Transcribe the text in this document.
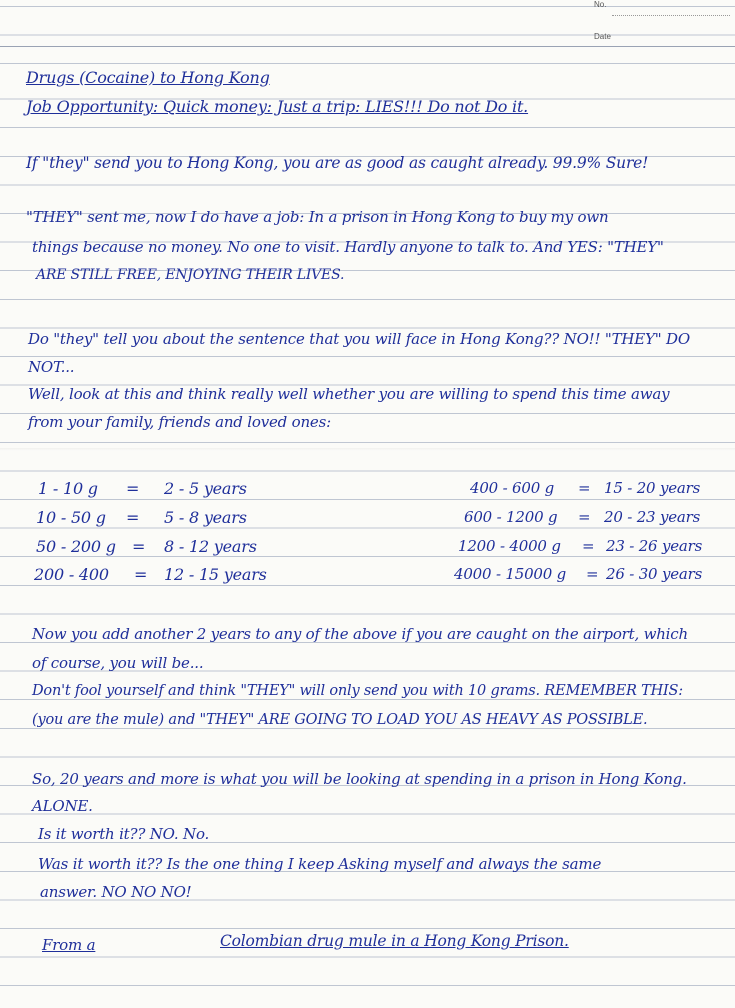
No.
Date
Drugs (Cocaine) to Hong Kong
Job Opportunity: Quick money: Just a trip: LIES!!! Do not Do it.
If "they" send you to Hong Kong, you are as good as caught already. 99.9% Sure!
"THEY" sent me, now I do have a job: In a prison in Hong Kong to buy my own
things because no money. No one to visit. Hardly anyone to talk to. And YES: "THEY"
ARE STILL FREE, ENJOYING THEIR LIVES.
Do "they" tell you about the sentence that you will face in Hong Kong?? NO!! "THEY" DO
NOT...
Well, look at this and think really well whether you are willing to spend this time away
from your family, friends and loved ones:
1 - 10 g = 2 - 5 years
10 - 50 g = 5 - 8 years
50 - 200 g = 8 - 12 years
200 - 400 = 12 - 15 years
400 - 600 g = 15 - 20 years
600 - 1200 g = 20 - 23 years
1200 - 4000 g = 23 - 26 years
4000 - 15000 g = 26 - 30 years
Now you add another 2 years to any of the above if you are caught on the airport, which
of course, you will be...
Don't fool yourself and think "THEY" will only send you with 10 grams. REMEMBER THIS:
(you are the mule) and "THEY" ARE GOING TO LOAD YOU AS HEAVY AS POSSIBLE.
So, 20 years and more is what you will be looking at spending in a prison in Hong Kong.
ALONE.
Is it worth it?? NO. No.
Was it worth it?? Is the one thing I keep Asking myself and always the same
answer. NO NO NO!
From a	Colombian drug mule in a Hong Kong Prison.
